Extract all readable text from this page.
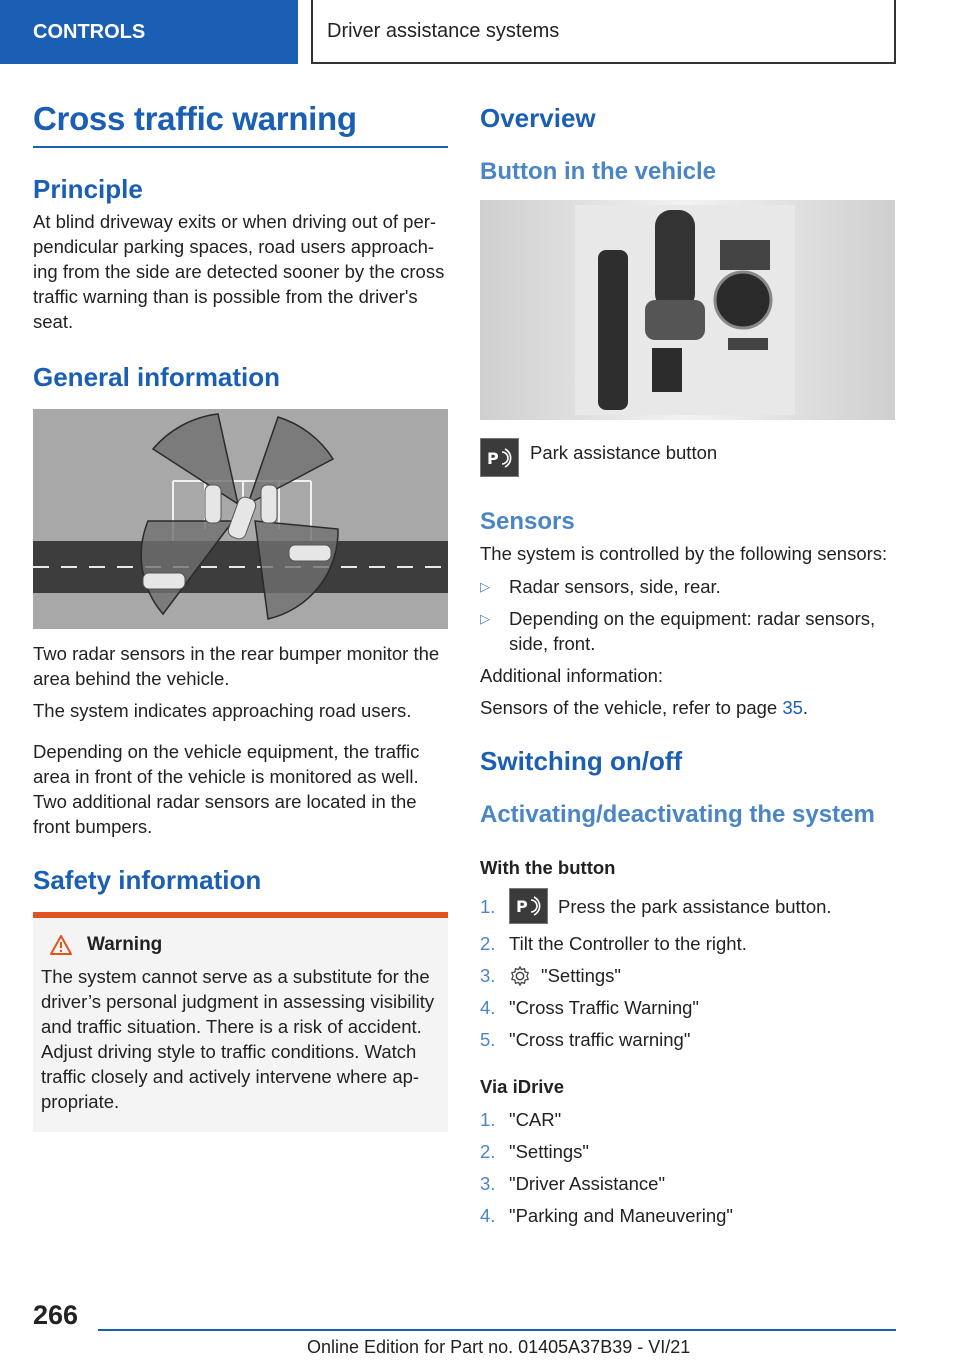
CONTROLS	Driver assistance systems
Cross traffic warning
Principle

At blind driveway exits or when driving out of perpendicular parking spaces, road users approaching from the side are detected sooner by the cross traffic warning than is possible from the driver's seat.

General information

Two radar sensors in the rear bumper monitor the area behind the vehicle.

The system indicates approaching road users.

Depending on the vehicle equipment, the traffic area in front of the vehicle is monitored as well. Two additional radar sensors are located in the front bumpers.

Safety information
Warning

The system cannot serve as a substitute for the driver’s personal judgment in assessing visibility and traffic situation. There is a risk of accident. Adjust driving style to traffic conditions. Watch traffic closely and actively intervene where appropriate.

Overview
Button in the vehicle
P Park assistance button

Sensors

The system is controlled by the following sensors:

▷ Radar sensors, side, rear.
▷ Depending on the equipment: radar sensors, side, front.

Additional information:

Sensors of the vehicle, refer to page 35.

Switching on/off
Activating/deactivating the system

With the button

1.	P Press the park assistance button.
2. Tilt the Controller to the right.
3.	"Settings"
4. "Cross Traffic Warning"
5. "Cross traffic warning"

Via iDrive

1. "CAR"
2. "Settings"
3. "Driver Assistance"
4. "Parking and Maneuvering"
266
Online Edition for Part no. 01405A37B39 - VI/21
